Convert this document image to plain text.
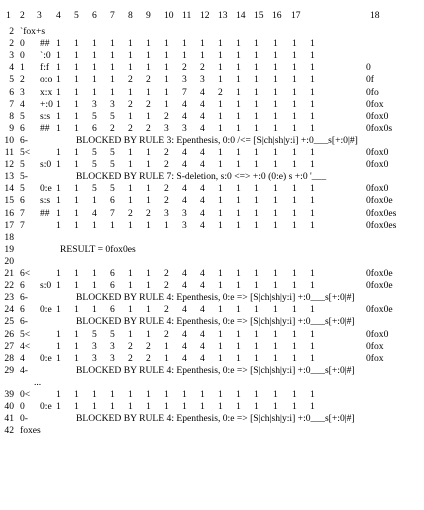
1 2 3 4 5 6 7 8 9 10 11 12 13 14 15 16 17	18
2 `fox+s
2 0 ## 1 1 1 1 1 1 1 1 1 1 1 1 1 1 1
3 0 `:0 1 1 1 1 1 1 1 1 1 1 1 1 1 1 1
4 1 f:f 1 1 1 1 1 1 1 2 2 1 1 1 1 1 1	0
5 2 o:o 1 1 1 1 2 2 1 3 3 1 1 1 1 1 1	0f
6 3 x:x 1 1 1 1 1 1 1 7 4 2 1 1 1 1 1	0fo
7 4 +:0 1 1 3 3 2 2 1 4 4 1 1 1 1 1 1	0fox
8 5 s:s 1 1 5 5 1 1 2 4 4 1 1 1 1 1 1	0fox0
9 6 ## 1 1 6 2 2 2 3 3 4 1 1 1 1 1 1	0fox0s
10 6-	BLOCKED BY RULE 3: Epenthesis, 0:0 /<= [S|ch|sh|y:i] +:0___s[+:0|#]
11 5<	1 1 5 5 1 1 2 4 4 1 1 1 1 1 1	0fox0
12 5 s:0 1 1 5 5 1 1 2 4 4 1 1 1 1 1 1	0fox0
13 5-	BLOCKED BY RULE 7: S-deletion, s:0 <=> +:0 (0:e) s +:0 '___
14 5 0:e 1 1 5 5 1 1 2 4 4 1 1 1 1 1 1	0fox0
15 6 s:s 1 1 1 6 1 1 2 4 4 1 1 1 1 1 1	0fox0e
16 7 ## 1 1 4 7 2 2 3 3 4 1 1 1 1 1 1	0fox0es
17 7	1 1 1 1 1 1 1 3 4 1 1 1 1 1 1	0fox0es
18
19	RESULT = 0fox0es
20
21 6<	1 1 1 6 1 1 2 4 4 1 1 1 1 1 1	0fox0e
22 6 s:0 1 1 1 6 1 1 2 4 4 1 1 1 1 1 1	0fox0e
23 6-	BLOCKED BY RULE 4: Epenthesis, 0:e => [S|ch|sh|y:i] +:0___s[+:0|#]
24 6 0:e 1 1 1 6 1 1 2 4 4 1 1 1 1 1 1	0fox0e
25 6-	BLOCKED BY RULE 4: Epenthesis, 0:e => [S|ch|sh|y:i] +:0___s[+:0|#]
26 5<	1 1 5 5 1 1 2 4 4 1 1 1 1 1 1	0fox0
27 4<	1 1 3 3 2 2 1 4 4 1 1 1 1 1 1	0fox
28 4 0:e 1 1 3 3 2 2 1 4 4 1 1 1 1 1 1	0fox
29 4-	BLOCKED BY RULE 4: Epenthesis, 0:e => [S|ch|sh|y:i] +:0___s[+:0|#]
...
39 0<	1 1 1 1 1 1 1 1 1 1 1 1 1 1 1
40 0 0:e 1 1 1 1 1 1 1 1 1 1 1 1 1 1 1
41 0-	BLOCKED BY RULE 4: Epenthesis, 0:e => [S|ch|sh|y:i] +:0___s[+:0|#]
42 foxes
